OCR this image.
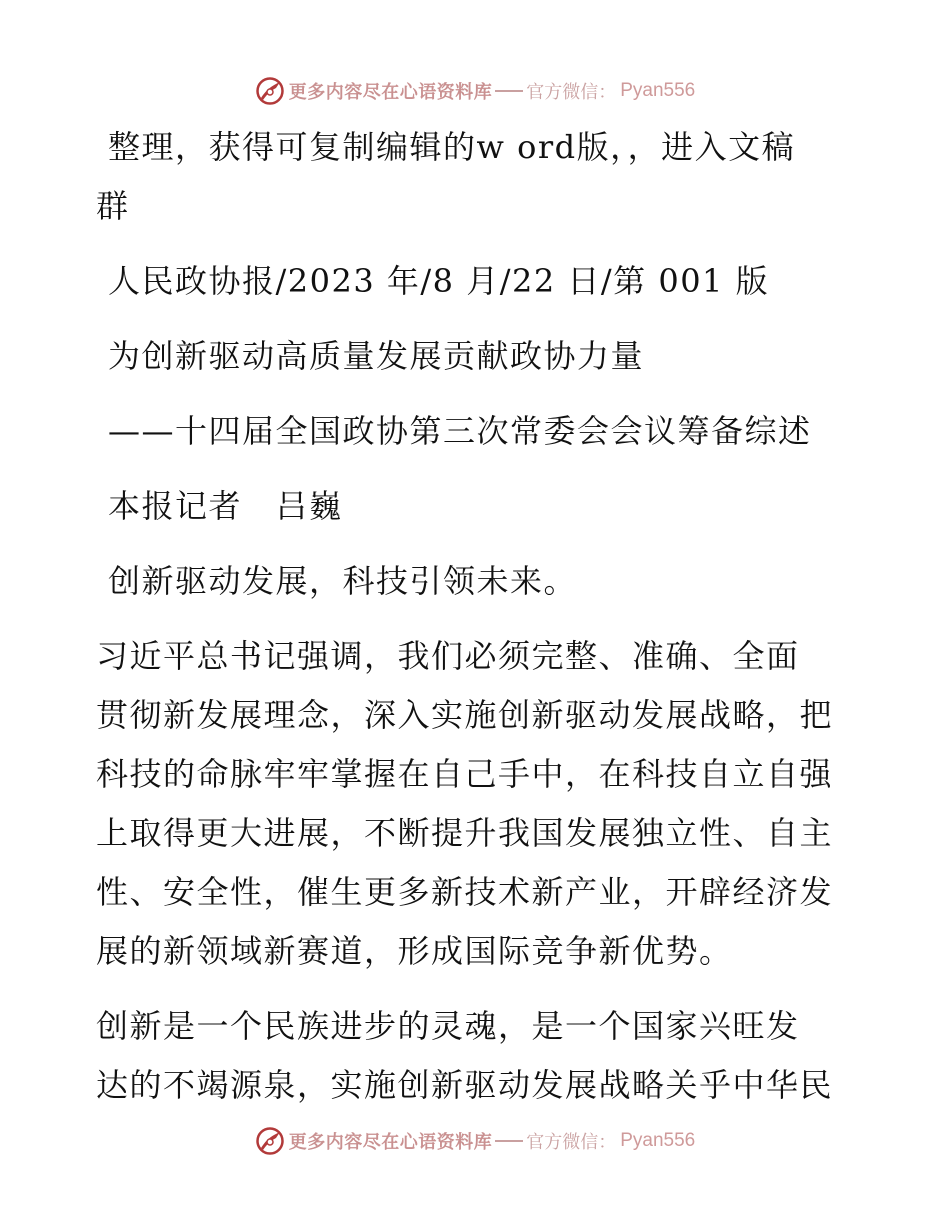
更多内容尽在心语资料库 官方微信： Pyan556

整理，获得可复制编辑的w ord版，，进入文稿

群

人民政协报/2023 年/8 月/22 日/第 001 版

为创新驱动高质量发展贡献政协力量

——十四届全国政协第三次常委会会议筹备综述

本报记者　吕巍

创新驱动发展，科技引领未来。

习近平总书记强调，我们必须完整、准确、全面
贯彻新发展理念，深入实施创新驱动发展战略，把
科技的命脉牢牢掌握在自己手中，在科技自立自强
上取得更大进展，不断提升我国发展独立性、自主
性、安全性，催生更多新技术新产业，开辟经济发
展的新领域新赛道，形成国际竞争新优势。
创新是一个民族进步的灵魂，是一个国家兴旺发
达的不竭源泉，实施创新驱动发展战略关乎中华民
更多内容尽在心语资料库 官方微信： Pyan556
